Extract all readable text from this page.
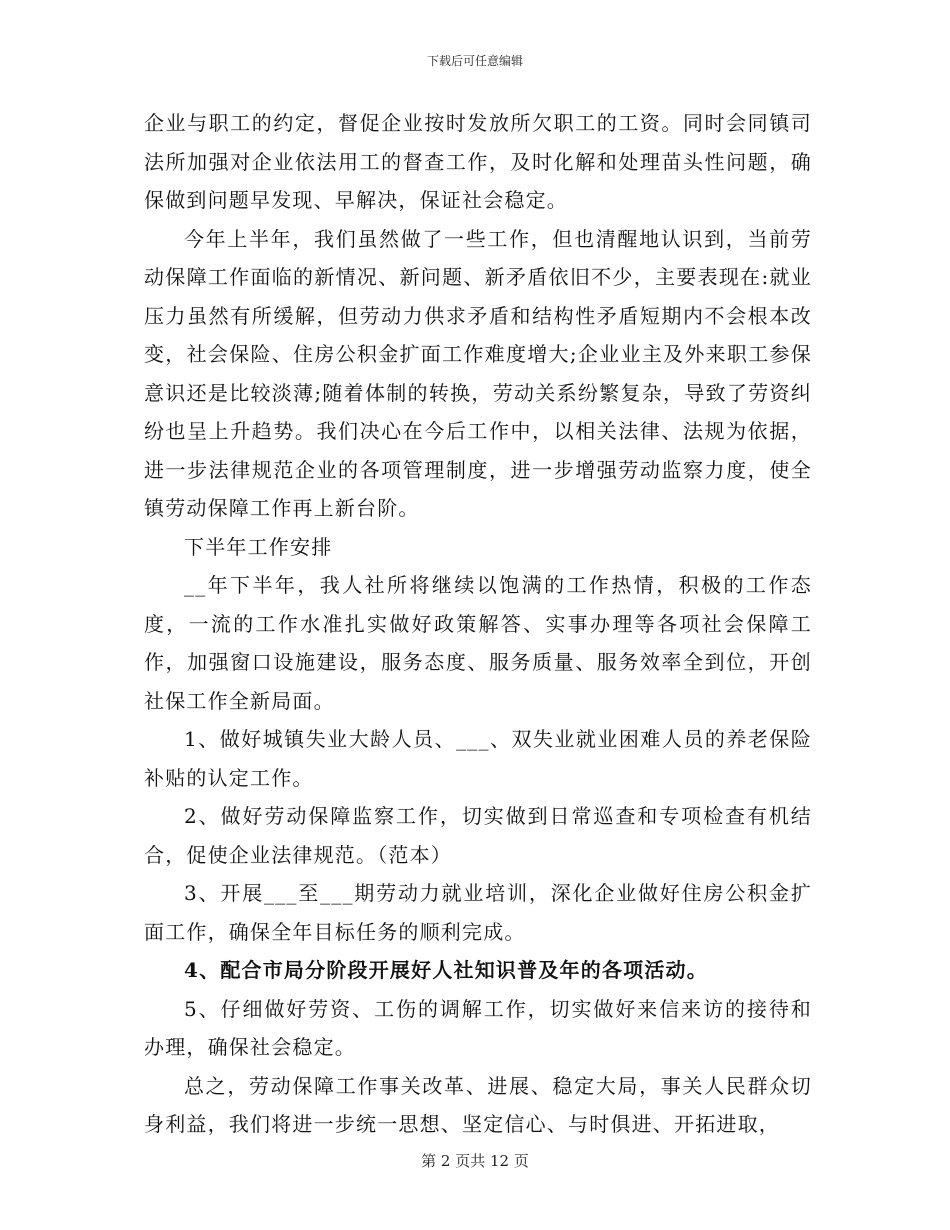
下载后可任意编辑

企业与职工的约定，督促企业按时发放所欠职工的工资。同时会同镇司法所加强对企业依法用工的督查工作，及时化解和处理苗头性问题，确保做到问题早发现、早解决，保证社会稳定。

今年上半年，我们虽然做了一些工作，但也清醒地认识到，当前劳动保障工作面临的新情况、新问题、新矛盾依旧不少，主要表现在:就业压力虽然有所缓解，但劳动力供求矛盾和结构性矛盾短期内不会根本改变，社会保险、住房公积金扩面工作难度增大;企业业主及外来职工参保意识还是比较淡薄;随着体制的转换，劳动关系纷繁复杂，导致了劳资纠纷也呈上升趋势。我们决心在今后工作中，以相关法律、法规为依据，进一步法律规范企业的各项管理制度，进一步增强劳动监察力度，使全镇劳动保障工作再上新台阶。

下半年工作安排

__年下半年，我人社所将继续以饱满的工作热情，积极的工作态度，一流的工作水准扎实做好政策解答、实事办理等各项社会保障工作，加强窗口设施建设，服务态度、服务质量、服务效率全到位，开创社保工作全新局面。

1、做好城镇失业大龄人员、___、双失业就业困难人员的养老保险补贴的认定工作。

2、做好劳动保障监察工作，切实做到日常巡查和专项检查有机结合，促使企业法律规范。（范本）

3、开展___至___期劳动力就业培训，深化企业做好住房公积金扩面工作，确保全年目标任务的顺利完成。

4、配合市局分阶段开展好人社知识普及年的各项活动。

5、仔细做好劳资、工伤的调解工作，切实做好来信来访的接待和办理，确保社会稳定。

总之，劳动保障工作事关改革、进展、稳定大局，事关人民群众切身利益，我们将进一步统一思想、坚定信心、与时俱进、开拓进取，

第 2 页共 12 页
